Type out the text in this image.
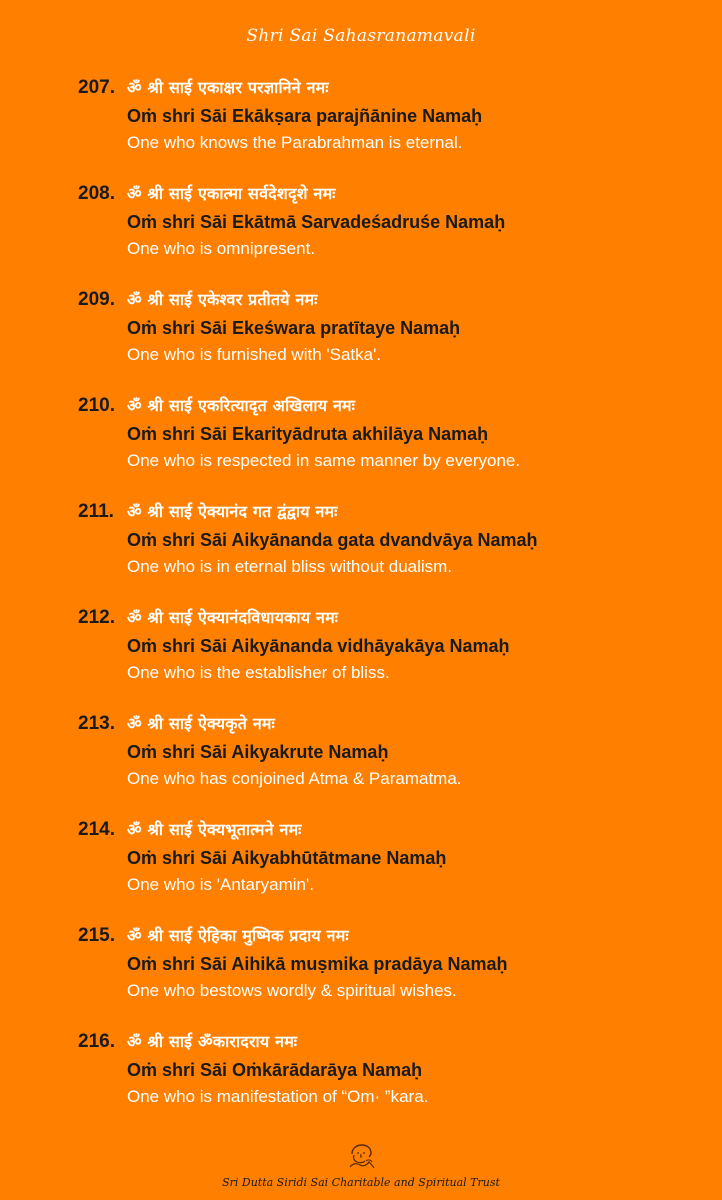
Shri Sai Sahasranamavali
207. ॐ श्री साई एकाक्षर परज्ञानिने नमः
Oṁ shri Sāi Ekākṣara parajñānine Namaḥ
One who knows the Parabrahman is eternal.
208. ॐ श्री साई एकात्मा सर्वदेशदृशे नमः
Oṁ shri Sāi Ekātmā Sarvadeśadruśe Namaḥ
One who is omnipresent.
209. ॐ श्री साई एकेश्वर प्रतीतये नमः
Oṁ shri Sāi Ekeśwara pratītaye Namaḥ
One who is furnished with 'Satka'.
210. ॐ श्री साई एकरित्यादृत अखिलाय नमः
Oṁ shri Sāi Ekarityādruta akhilāya Namaḥ
One who is respected in same manner by everyone.
211. ॐ श्री साई ऐक्यानंद गत द्वंद्वाय नमः
Oṁ shri Sāi Aikyānanda gata dvandvāya Namaḥ
One who is in eternal bliss without dualism.
212. ॐ श्री साई ऐक्यानंदविधायकाय नमः
Oṁ shri Sāi Aikyānanda vidhāyakāya Namaḥ
One who is the establisher of bliss.
213. ॐ श्री साई ऐक्यकृते नमः
Oṁ shri Sāi Aikyakrute Namaḥ
One who has conjoined Atma & Paramatma.
214. ॐ श्री साई ऐक्यभूतात्मने नमः
Oṁ shri Sāi Aikyabhūtātmane Namaḥ
One who is 'Antaryamin'.
215. ॐ श्री साई ऐहिका मुष्मिक प्रदाय नमः
Oṁ shri Sāi Aihikā muṣmika pradāya Namaḥ
One who bestows wordly & spiritual wishes.
216. ॐ श्री साई ॐकारादराय नमः
Oṁ shri Sāi Oṁkārādarāya Namaḥ
One who is manifestation of “Om· ”kara.
Sri Dutta Siridi Sai Charitable and Spiritual Trust
